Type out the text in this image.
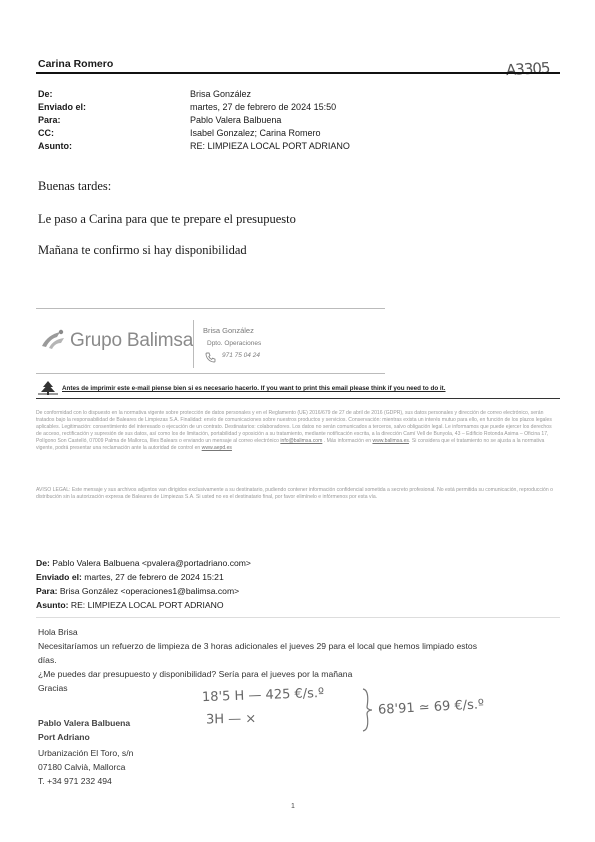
A3305
Carina Romero
De:	Brisa González
Enviado el:	martes, 27 de febrero de 2024 15:50
Para:	Pablo Valera Balbuena
CC:	Isabel Gonzalez; Carina Romero
Asunto:	RE: LIMPIEZA LOCAL PORT ADRIANO
Buenas tardes:
Le paso a Carina para que te prepare el presupuesto
Mañana te confirmo si hay disponibilidad
Grupo Balimsa Brisa González
Dpto. Operaciones
971 75 04 24
Antes de imprimir este e-mail piense bien si es necesario hacerlo. If you want to print this email please think if you need to do it.
De conformidad con lo dispuesto en la normativa vigente sobre protección de datos personales y en el Reglamento (UE) 2016/679 de 27 de abril de 2016 (GDPR), sus datos personales y dirección de correo electrónico, serán tratados bajo la responsabilidad de Baleares de Limpiezas S.A. Finalidad: envío de comunicaciones sobre nuestros productos y servicios. Conservación: mientras exista un interés mutuo para ello, en función de los plazos legales aplicables. Legitimación: consentimiento del interesado o ejecución de un contrato. Destinatarios: colaboradores. Los datos no serán comunicados a terceros, salvo obligación legal. Le informamos que puede ejercer los derechos de acceso, rectificación y supresión de sus datos, así como los de limitación, portabilidad y oposición a su tratamiento, mediante notificación escrita, a la dirección Camí Vell de Bunyola, 43 – Edificio Rotonda Asima – Oficina 17, Polígono Son Castelló, 07009 Palma de Mallorca, Illes Balears o enviando un mensaje al correo electrónico info@balimsa.com . Más información en www.balimsa.es. Si considera que el tratamiento no se ajusta a la normativa vigente, podrá presentar una reclamación ante la autoridad de control en www.aepd.es
AVISO LEGAL: Este mensaje y sus archivos adjuntos van dirigidos exclusivamente a su destinatario, pudiendo contener información confidencial sometida a secreto profesional. No está permitida su comunicación, reproducción o distribución sin la autorización expresa de Baleares de Limpiezas S.A. Si usted no es el destinatario final, por favor elimínelo e infórmenos por esta vía.
De: Pablo Valera Balbuena <pvalera@portadriano.com>
Enviado el: martes, 27 de febrero de 2024 15:21
Para: Brisa González <operaciones1@balimsa.com>
Asunto: RE: LIMPIEZA LOCAL PORT ADRIANO
Hola Brisa
Necesitaríamos un refuerzo de limpieza de 3 horas adicionales el jueves 29 para el local que hemos limpiado estos
días.
¿Me puedes dar presupuesto y disponibilidad? Sería para el jueves por la mañana
Gracias	18'5 H — 425 €/s.º
3H — ×
68'91 ≃ 69 €/s.º
Pablo Valera Balbuena
Port Adriano
Urbanización El Toro, s/n
07180 Calvià, Mallorca
T. +34 971 232 494
1
